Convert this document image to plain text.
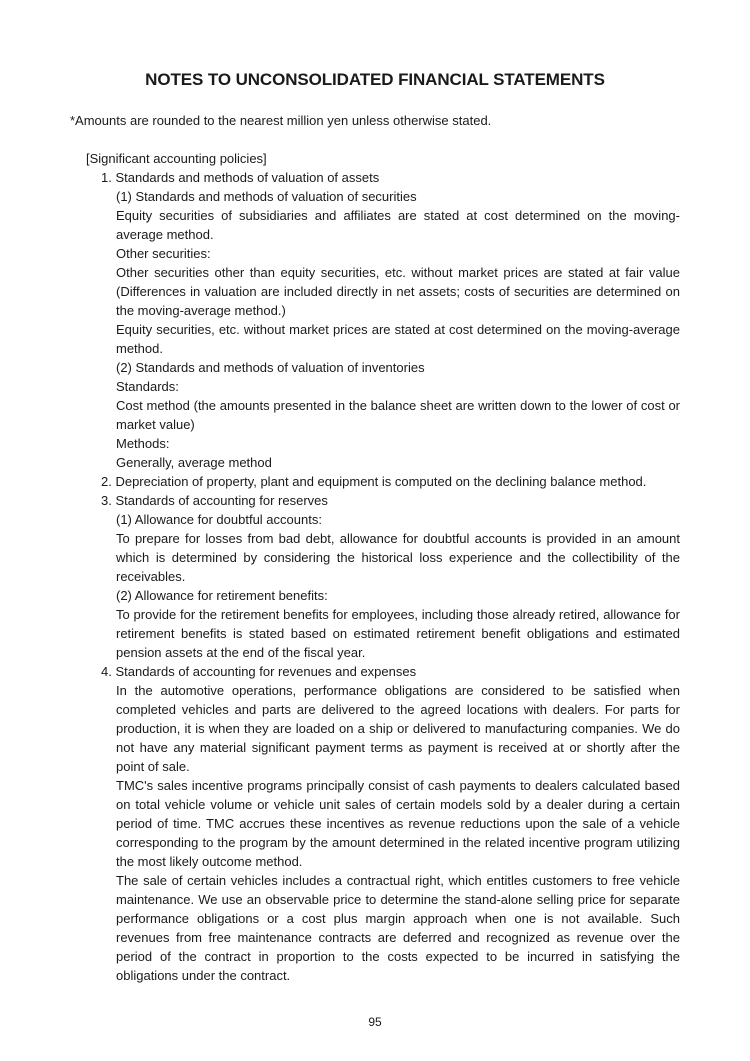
NOTES TO UNCONSOLIDATED FINANCIAL STATEMENTS
*Amounts are rounded to the nearest million yen unless otherwise stated.
[Significant accounting policies]
1. Standards and methods of valuation of assets
(1) Standards and methods of valuation of securities
Equity securities of subsidiaries and affiliates are stated at cost determined on the moving-average method.
Other securities:
Other securities other than equity securities, etc. without market prices are stated at fair value (Differences in valuation are included directly in net assets; costs of securities are determined on the moving-average method.)
Equity securities, etc. without market prices are stated at cost determined on the moving-average method.
(2) Standards and methods of valuation of inventories
Standards:
Cost method (the amounts presented in the balance sheet are written down to the lower of cost or market value)
Methods:
Generally, average method
2. Depreciation of property, plant and equipment is computed on the declining balance method.
3. Standards of accounting for reserves
(1) Allowance for doubtful accounts:
To prepare for losses from bad debt, allowance for doubtful accounts is provided in an amount which is determined by considering the historical loss experience and the collectibility of the receivables.
(2) Allowance for retirement benefits:
To provide for the retirement benefits for employees, including those already retired, allowance for retirement benefits is stated based on estimated retirement benefit obligations and estimated pension assets at the end of the fiscal year.
4. Standards of accounting for revenues and expenses
In the automotive operations, performance obligations are considered to be satisfied when completed vehicles and parts are delivered to the agreed locations with dealers. For parts for production, it is when they are loaded on a ship or delivered to manufacturing companies. We do not have any material significant payment terms as payment is received at or shortly after the point of sale.
TMC's sales incentive programs principally consist of cash payments to dealers calculated based on total vehicle volume or vehicle unit sales of certain models sold by a dealer during a certain period of time. TMC accrues these incentives as revenue reductions upon the sale of a vehicle corresponding to the program by the amount determined in the related incentive program utilizing the most likely outcome method.
The sale of certain vehicles includes a contractual right, which entitles customers to free vehicle maintenance. We use an observable price to determine the stand-alone selling price for separate performance obligations or a cost plus margin approach when one is not available. Such revenues from free maintenance contracts are deferred and recognized as revenue over the period of the contract in proportion to the costs expected to be incurred in satisfying the obligations under the contract.
95
